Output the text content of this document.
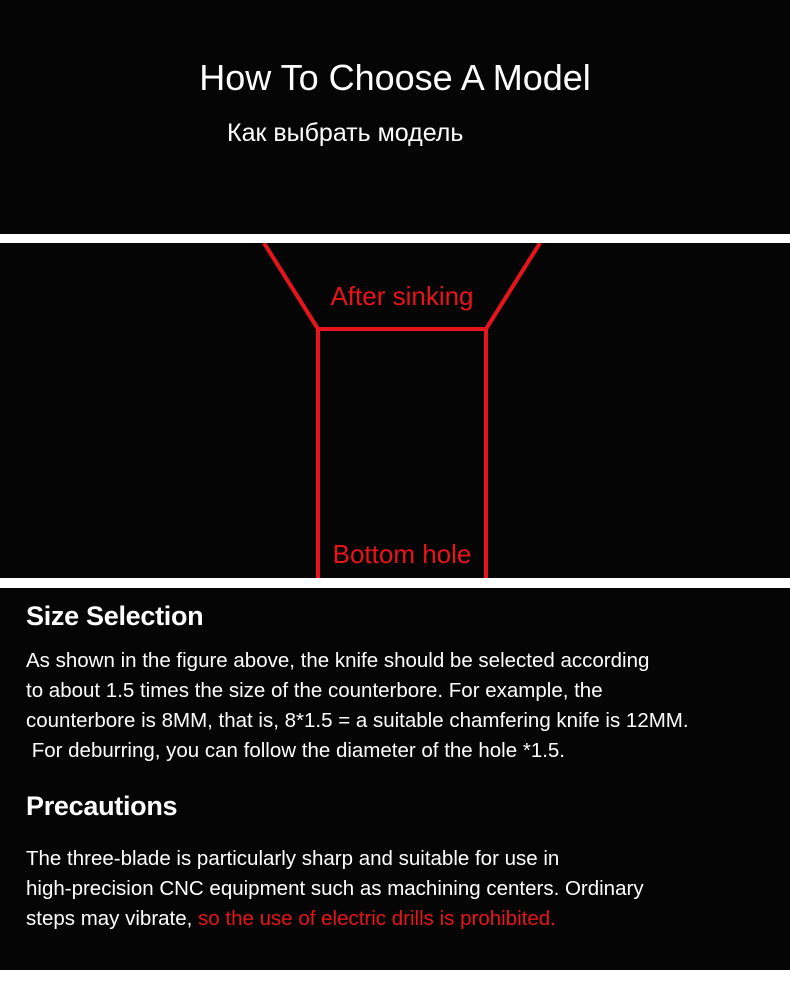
How To Choose A Model
Как выбрать модель
After sinking
Bottom hole
Size Selection
As shown in the figure above, the knife should be selected according
to about 1.5 times the size of the counterbore. For example, the
counterbore is 8MM, that is, 8*1.5 = a suitable chamfering knife is 12MM.
For deburring, you can follow the diameter of the hole *1.5.
Precautions
The three-blade is particularly sharp and suitable for use in
high-precision CNC equipment such as machining centers. Ordinary
steps may vibrate, so the use of electric drills is prohibited.
